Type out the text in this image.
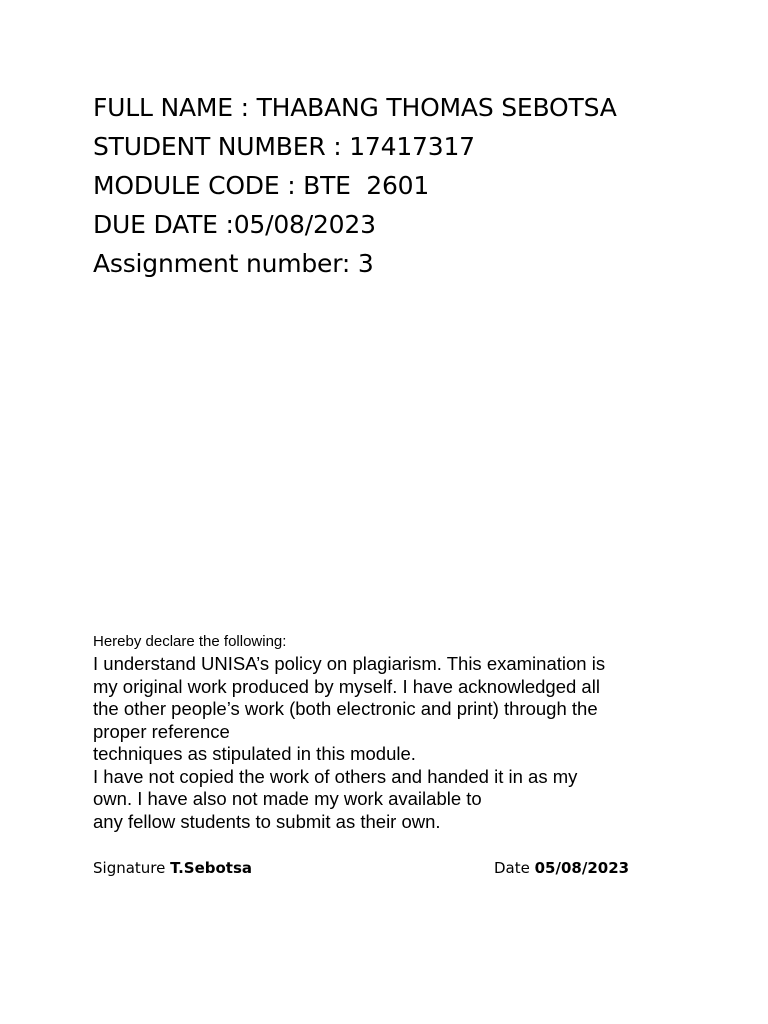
FULL NAME : THABANG THOMAS SEBOTSA
STUDENT NUMBER : 17417317
MODULE CODE : BTE  2601
DUE DATE :05/08/2023
Assignment number: 3
Hereby declare the following:
I understand UNISA’s policy on plagiarism. This examination is
my original work produced by myself. I have acknowledged all
the other people’s work (both electronic and print) through the
proper reference
techniques as stipulated in this module.
I have not copied the work of others and handed it in as my
own. I have also not made my work available to
any fellow students to submit as their own.
Signature T.Sebotsa	Date 05/08/2023
